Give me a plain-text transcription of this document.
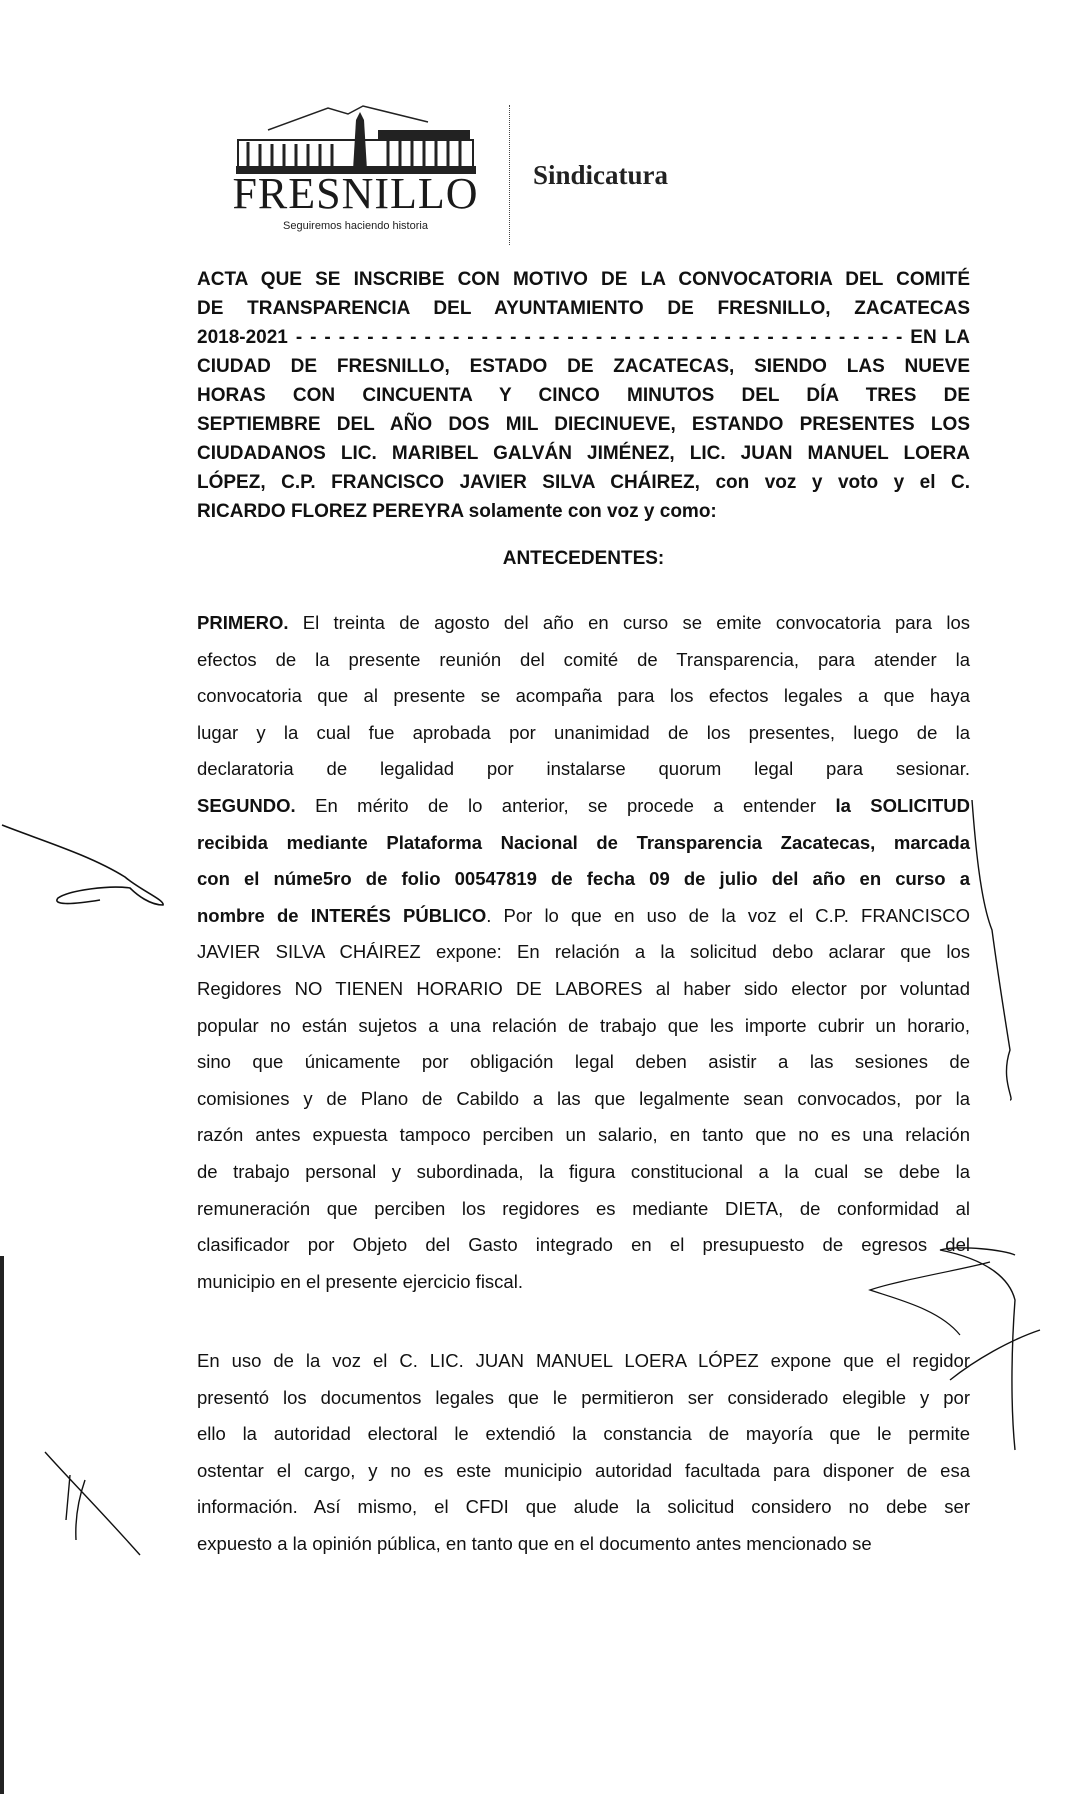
FRESNILLO
Seguiremos haciendo historia
Sindicatura
ACTA QUE SE INSCRIBE CON MOTIVO DE LA CONVOCATORIA DEL COMITÉ
DE TRANSPARENCIA DEL AYUNTAMIENTO DE FRESNILLO, ZACATECAS
2018-2021 - - - - - - - - - - - - - - - - - - - - - - - - - - - - - - - - - - - - - - - - - - - EN LA
CIUDAD DE FRESNILLO, ESTADO DE ZACATECAS, SIENDO LAS NUEVE
HORAS CON CINCUENTA Y CINCO MINUTOS DEL DÍA TRES DE
SEPTIEMBRE DEL AÑO DOS MIL DIECINUEVE, ESTANDO PRESENTES LOS
CIUDADANOS LIC. MARIBEL GALVÁN JIMÉNEZ, LIC. JUAN MANUEL LOERA
LÓPEZ, C.P. FRANCISCO JAVIER SILVA CHÁIREZ, con voz y voto y el C.
RICARDO FLOREZ PEREYRA solamente con voz y como:
ANTECEDENTES:
PRIMERO. El treinta de agosto del año en curso se emite convocatoria para los
efectos de la presente reunión del comité de Transparencia, para atender la
convocatoria que al presente se acompaña para los efectos legales a que haya
lugar y la cual fue aprobada por unanimidad de los presentes, luego de la
declaratoria de legalidad por instalarse quorum legal para sesionar.
SEGUNDO. En mérito de lo anterior, se procede a entender la SOLICITUD
recibida mediante Plataforma Nacional de Transparencia Zacatecas, marcada
con el núme5ro de folio 00547819 de fecha 09 de julio del año en curso a
nombre de INTERÉS PÚBLICO. Por lo que en uso de la voz el C.P. FRANCISCO
JAVIER SILVA CHÁIREZ expone: En relación a la solicitud debo aclarar que los
Regidores NO TIENEN HORARIO DE LABORES al haber sido elector por voluntad
popular no están sujetos a una relación de trabajo que les importe cubrir un horario,
sino que únicamente por obligación legal deben asistir a las sesiones de
comisiones y de Plano de Cabildo a las que legalmente sean convocados, por la
razón antes expuesta tampoco perciben un salario, en tanto que no es una relación
de trabajo personal y subordinada, la figura constitucional a la cual se debe la
remuneración que perciben los regidores es mediante DIETA, de conformidad al
clasificador por Objeto del Gasto integrado en el presupuesto de egresos del
municipio en el presente ejercicio fiscal.
En uso de la voz el C. LIC. JUAN MANUEL LOERA LÓPEZ expone que el regidor
presentó los documentos legales que le permitieron ser considerado elegible y por
ello la autoridad electoral le extendió la constancia de mayoría que le permite
ostentar el cargo, y no es este municipio autoridad facultada para disponer de esa
información. Así mismo, el CFDI que alude la solicitud considero no debe ser
expuesto a la opinión pública, en tanto que en el documento antes mencionado se
